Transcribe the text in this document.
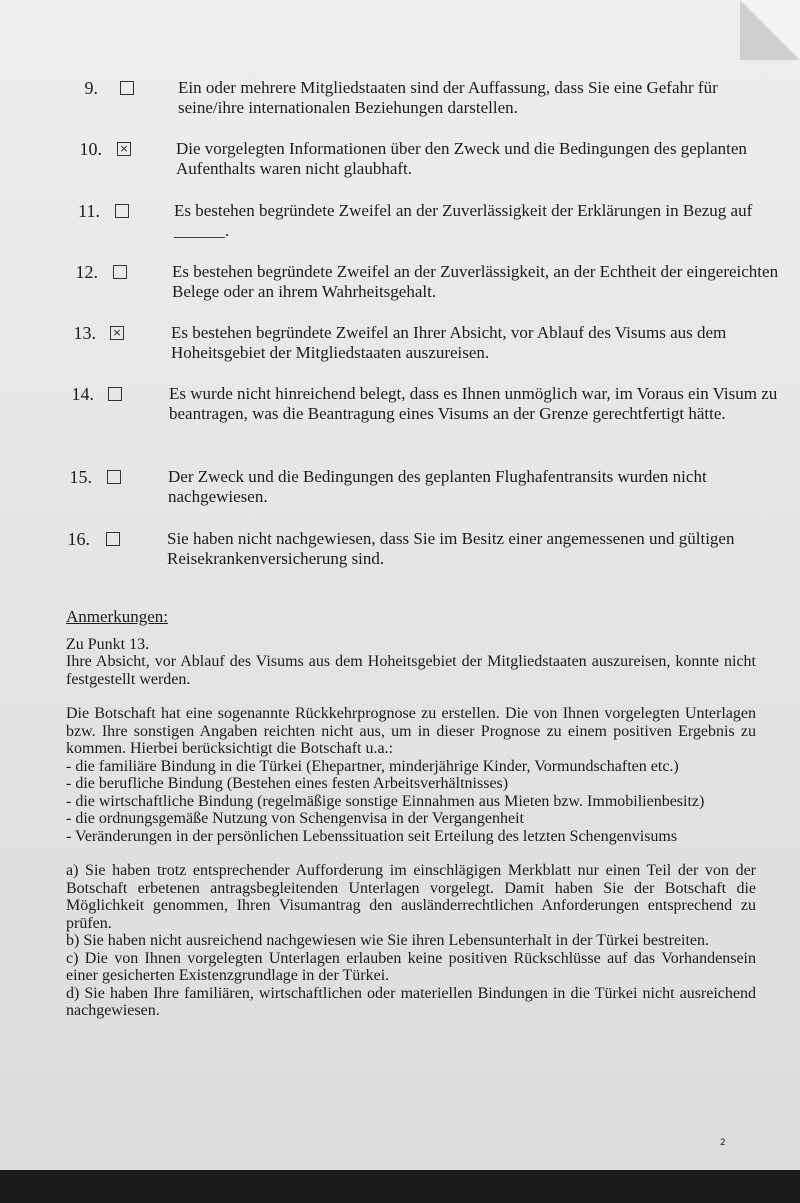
9.	Ein oder mehrere Mitgliedstaaten sind der Auffassung, dass Sie eine Gefahr für seine/ihre internationalen Beziehungen darstellen.
10. ×	Die vorgelegten Informationen über den Zweck und die Bedingungen des geplanten Aufenthalts waren nicht glaubhaft.
11.	Es bestehen begründete Zweifel an der Zuverlässigkeit der Erklärungen in Bezug auf ______.
12.	Es bestehen begründete Zweifel an der Zuverlässigkeit, an der Echtheit der eingereichten Belege oder an ihrem Wahrheitsgehalt.
13. ×	Es bestehen begründete Zweifel an Ihrer Absicht, vor Ablauf des Visums aus dem Hoheitsgebiet der Mitgliedstaaten auszureisen.
14.	Es wurde nicht hinreichend belegt, dass es Ihnen unmöglich war, im Voraus ein Visum zu beantragen, was die Beantragung eines Visums an der Grenze gerechtfertigt hätte.
15.	Der Zweck und die Bedingungen des geplanten Flughafentransits wurden nicht nachgewiesen.
16.	Sie haben nicht nachgewiesen, dass Sie im Besitz einer angemessenen und gültigen Reisekrankenversicherung sind.

Anmerkungen:

Zu Punkt 13.

Ihre Absicht, vor Ablauf des Visums aus dem Hoheitsgebiet der Mitgliedstaaten auszureisen, konnte nicht festgestellt werden.

Die Botschaft hat eine sogenannte Rückkehrprognose zu erstellen. Die von Ihnen vorgelegten Unterlagen bzw. Ihre sonstigen Angaben reichten nicht aus, um in dieser Prognose zu einem positiven Ergebnis zu kommen. Hierbei berücksichtigt die Botschaft u.a.:

- die familiäre Bindung in die Türkei (Ehepartner, minderjährige Kinder, Vormundschaften etc.)

- die berufliche Bindung (Bestehen eines festen Arbeitsverhältnisses)

- die wirtschaftliche Bindung (regelmäßige sonstige Einnahmen aus Mieten bzw. Immobilienbesitz)

- die ordnungsgemäße Nutzung von Schengenvisa in der Vergangenheit

- Veränderungen in der persönlichen Lebenssituation seit Erteilung des letzten Schengenvisums

a) Sie haben trotz entsprechender Aufforderung im einschlägigen Merkblatt nur einen Teil der von der Botschaft erbetenen antragsbegleitenden Unterlagen vorgelegt. Damit haben Sie der Botschaft die Möglichkeit genommen, Ihren Visumantrag den ausländerrechtlichen Anforderungen entsprechend zu prüfen.

b) Sie haben nicht ausreichend nachgewiesen wie Sie ihren Lebensunterhalt in der Türkei bestreiten.

c) Die von Ihnen vorgelegten Unterlagen erlauben keine positiven Rückschlüsse auf das Vorhandensein einer gesicherten Existenzgrundlage in der Türkei.

d) Sie haben Ihre familiären, wirtschaftlichen oder materiellen Bindungen in die Türkei nicht ausreichend nachgewiesen.

2
